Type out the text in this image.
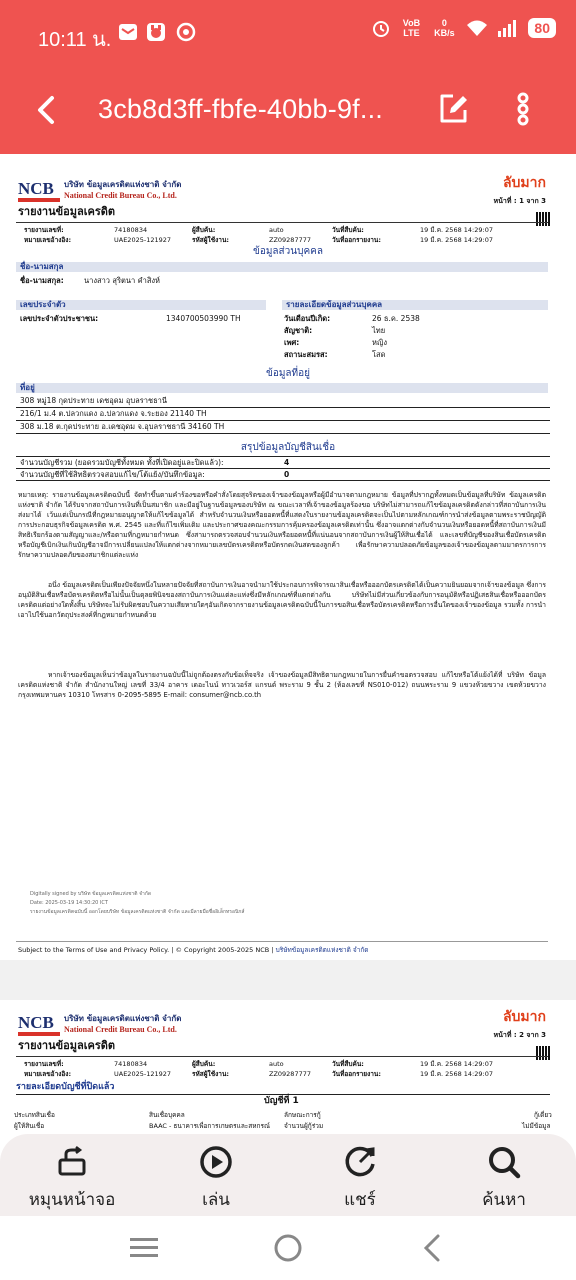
10:11 น.
VoB LTE
0 KB/s	80
3cb8d3ff-fbfe-40bb-9f...
NCB	บริษัท ข้อมูลเครดิตแห่งชาติ จำกัด
National Credit Bureau Co., Ltd.
ลับมาก
หน้าที่ : 1 จาก 3
รายงานข้อมูลเครดิต
รายงานเลขที่:	74180834	ผู้สืบค้น:	auto	วันที่สืบค้น:	19 มี.ค. 2568 14:29:07
หมายเลขอ้างอิง:	UAE2025-121927	รหัสผู้ใช้งาน:	ZZ09287777	วันที่ออกรายงาน:	19 มี.ค. 2568 14:29:07
ข้อมูลส่วนบุคคล
ชื่อ-นามสกุล
ชื่อ-นามสกุล:	นางสาว สุริตนา คำสิงห์
เลขประจำตัว	รายละเอียดข้อมูลส่วนบุคคล
เลขประจำตัวประชาชน:	1340700503990 TH	วันเดือนปีเกิด:	26 ธ.ค. 2538
สัญชาติ:	ไทย
เพศ:	หญิง
สถานะสมรส:	โสด
ข้อมูลที่อยู่
ที่อยู่
308 หมู่18 กุดประทาย เดชอุดม อุบลราชธานี
216/1 ม.4 ต.ปลวกแดง อ.ปลวกแดง จ.ระยอง 21140 TH
308 ม.18 ต.กุดประทาย อ.เดชอุดม จ.อุบลราชธานี 34160 TH
สรุปข้อมูลบัญชีสินเชื่อ
จำนวนบัญชีรวม (ยอดรวมบัญชีทั้งหมด ทั้งที่เปิดอยู่และปิดแล้ว):	4
จำนวนบัญชีที่ใช้สิทธิตรวจสอบแก้ไข/โต้แย้ง/บันทึกข้อมูล:	0
หมายเหตุ: รายงานข้อมูลเครดิตฉบับนี้ จัดทำขึ้นตามคำร้องขอหรือคำสั่งโดยสุจริตของเจ้าของข้อมูลหรือผู้มีอำนาจตามกฎหมาย ข้อมูลที่ปรากฏทั้งหมดเป็นข้อมูลที่บริษัท ข้อมูลเครดิตแห่งชาติ จำกัด ได้รับจากสถาบันการเงินที่เป็นสมาชิก และมีอยู่ในฐานข้อมูลของบริษัท ณ ขณะเวลาที่เจ้าของข้อมูลร้องขอ บริษัทไม่สามารถแก้ไขข้อมูลเครดิตดังกล่าวที่สถาบันการเงินส่งมาได้ เว้นแต่เป็นกรณีที่กฎหมายอนุญาตให้แก้ไขข้อมูลได้ สำหรับจำนวนเงินหรือยอดหนี้ที่แสดงในรายงานข้อมูลเครดิตจะเป็นไปตามหลักเกณฑ์การนำส่งข้อมูลตามพระราชบัญญัติการประกอบธุรกิจข้อมูลเครดิต พ.ศ. 2545 และที่แก้ไขเพิ่มเติม และประกาศของคณะกรรมการคุ้มครองข้อมูลเครดิตเท่านั้น ซึ่งอาจแตกต่างกับจำนวนเงินหรือยอดหนี้ที่สถาบันการเงินมีสิทธิเรียกร้องตามสัญญาและ/หรือตามที่กฎหมายกำหนด ซึ่งสามารถตรวจสอบจำนวนเงินหรือยอดหนี้ที่แน่นอนจากสถาบันการเงินผู้ให้สินเชื่อได้ และเลขที่บัญชีของสินเชื่อบัตรเครดิตหรือบัญชีเบิกเงินเกินบัญชีอาจมีการเปลี่ยนแปลงให้แตกต่างจากหมายเลขบัตรเครดิตหรือบัตรกดเงินสดของลูกค้า เพื่อรักษาความปลอดภัยข้อมูลของเจ้าของข้อมูลตามมาตรการการรักษาความปลอดภัยของสมาชิกแต่ละแห่ง
อนึ่ง ข้อมูลเครดิตเป็นเพียงปัจจัยหนึ่งในหลายปัจจัยที่สถาบันการเงินอาจนำมาใช้ประกอบการพิจารณาสินเชื่อหรือออกบัตรเครดิตได้เป็นความยินยอมจากเจ้าของข้อมูล ซึ่งการอนุมัติสินเชื่อหรือบัตรเครดิตหรือไม่นั้นเป็นดุลยพินิจของสถาบันการเงินแต่ละแห่งซึ่งมีหลักเกณฑ์ที่แตกต่างกัน บริษัทไม่มีส่วนเกี่ยวข้องกับการอนุมัติหรือปฏิเสธสินเชื่อหรือออกบัตรเครดิตแต่อย่างใดทั้งสิ้น บริษัทจะไม่รับผิดชอบในความเสียหายใดๆอันเกิดจากรายงานข้อมูลเครดิตฉบับนี้ในการขอสินเชื่อหรือบัตรเครดิตหรือการอื่นใดของเจ้าของข้อมูล รวมทั้ง การนำเอาไปใช้นอกวัตถุประสงค์ที่กฎหมายกำหนดด้วย
หากเจ้าของข้อมูลเห็นว่าข้อมูลในรายงานฉบับนี้ไม่ถูกต้องตรงกับข้อเท็จจริง เจ้าของข้อมูลมีสิทธิตามกฎหมายในการยื่นคำขอตรวจสอบ แก้ไขหรือโต้แย้งได้ที่ บริษัท ข้อมูลเครดิตแห่งชาติ จำกัด สำนักงานใหญ่ เลขที่ 33/4 อาคาร เดอะไนน์ ทาวเวอร์ส แกรนด์ พระราม 9 ชั้น 2 (ห้องเลขที่ NS010-012) ถนนพระราม 9 แขวงห้วยขวาง เขตห้วยขวาง กรุงเทพมหานคร 10310 โทรสาร 0-2095-5895 E-mail: consumer@ncb.co.th
Digitally signed by บริษัท ข้อมูลเครดิตแห่งชาติ จำกัด
Date: 2025-03-19 14:30:20 ICT
รายงานข้อมูลเครดิตฉบับนี้ ออกโดยบริษัท ข้อมูลเครดิตแห่งชาติ จำกัด และมีลายมือชื่ออิเล็กทรอนิกส์
Subject to the Terms of Use and Privacy Policy. | © Copyright 2005-2025 NCB | บริษัทข้อมูลเครดิตแห่งชาติ จำกัด
NCB	บริษัท ข้อมูลเครดิตแห่งชาติ จำกัด
National Credit Bureau Co., Ltd.
ลับมาก
หน้าที่ : 2 จาก 3
รายงานข้อมูลเครดิต
รายงานเลขที่:	74180834	ผู้สืบค้น:	auto	วันที่สืบค้น:	19 มี.ค. 2568 14:29:07
หมายเลขอ้างอิง:	UAE2025-121927	รหัสผู้ใช้งาน:	ZZ09287777	วันที่ออกรายงาน:	19 มี.ค. 2568 14:29:07
รายละเอียดบัญชีที่ปิดแล้ว
บัญชีที่ 1
ประเภทสินเชื่อ	สินเชื่อบุคคล	ลักษณะการกู้	กู้เดี่ยว
ผู้ให้สินเชื่อ	BAAC - ธนาคารเพื่อการเกษตรและสหกรณ์	จำนวนผู้กู้ร่วม	ไม่มีข้อมูล
หมุนหน้าจอ	เล่น	แชร์	ค้นหา
